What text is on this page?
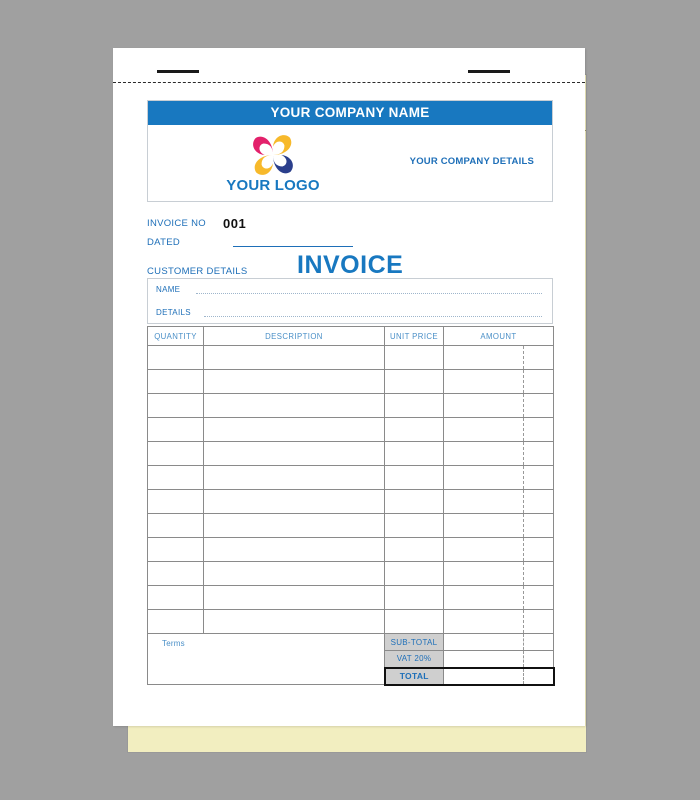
YOUR COMPANY NAME
YOUR LOGO
YOUR COMPANY DETAILS
INVOICE NO 001
DATED
CUSTOMER DETAILS INVOICE
NAME
DETAILS
QUANTITY	DESCRIPTION	UNIT PRICE	AMOUNT

Terms		SUB-TOTAL	
		VAT 20%	
		TOTAL	
